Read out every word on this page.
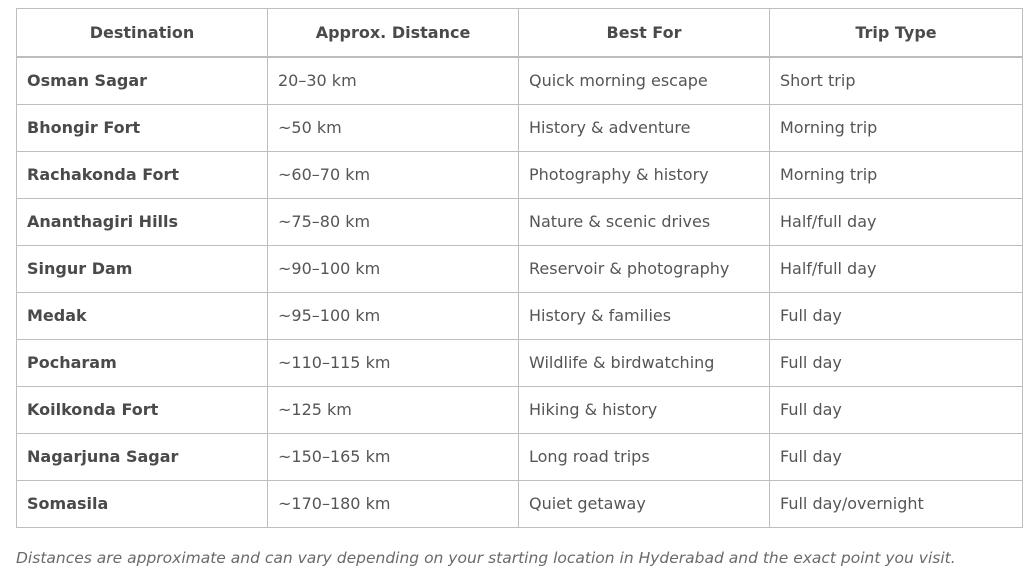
Destination	Approx. Distance	Best For	Trip Type
Osman Sagar	20–30 km	Quick morning escape	Short trip
Bhongir Fort	~50 km	History & adventure	Morning trip
Rachakonda Fort	~60–70 km	Photography & history	Morning trip
Ananthagiri Hills	~75–80 km	Nature & scenic drives	Half/full day
Singur Dam	~90–100 km	Reservoir & photography	Half/full day
Medak	~95–100 km	History & families	Full day
Pocharam	~110–115 km	Wildlife & birdwatching	Full day
Koilkonda Fort	~125 km	Hiking & history	Full day
Nagarjuna Sagar	~150–165 km	Long road trips	Full day
Somasila	~170–180 km	Quiet getaway	Full day/overnight
Distances are approximate and can vary depending on your starting location in Hyderabad and the exact point you visit.
